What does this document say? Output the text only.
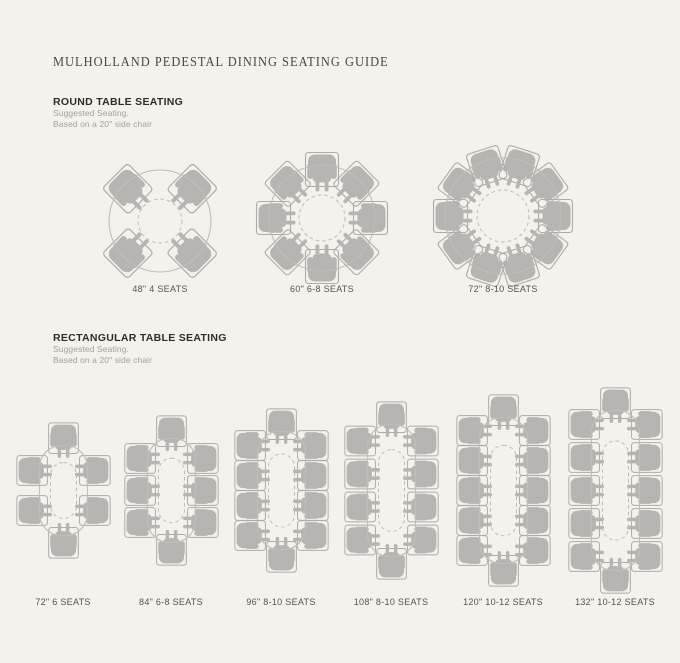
MULHOLLAND PEDESTAL DINING SEATING GUIDE
ROUND TABLE SEATING
Suggested Seating.
Based on a 20" side chair
RECTANGULAR TABLE SEATING
Suggested Seating.
Based on a 20" side chair
48" 4 SEATS	60" 6-8 SEATS	72" 8-10 SEATS
72" 6 SEATS	84" 6-8 SEATS	96" 8-10 SEATS	108" 8-10 SEATS	120" 10-12 SEATS	132" 10-12 SEATS
